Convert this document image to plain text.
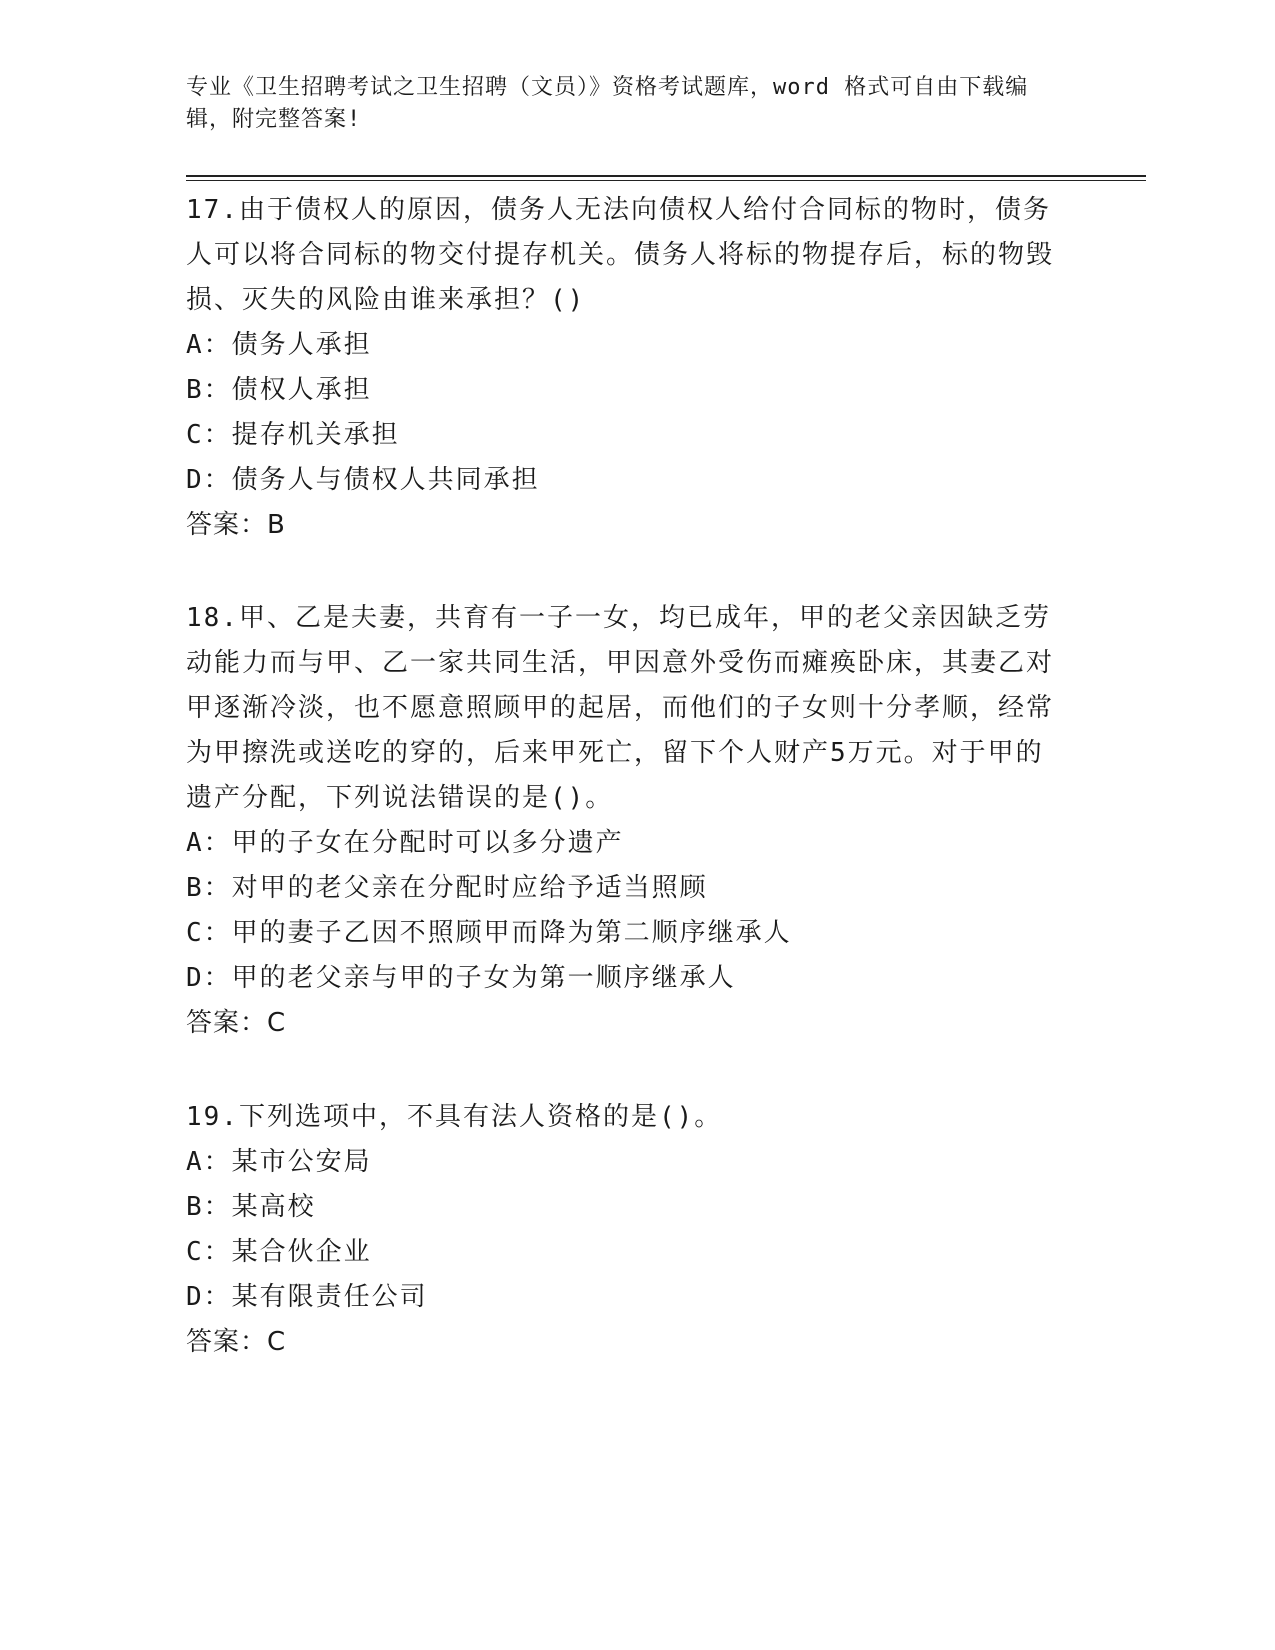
专业《卫生招聘考试之卫生招聘（文员）》资格考试题库，word 格式可自由下载编辑，附完整答案!

17.由于债权人的原因，债务人无法向债权人给付合同标的物时，债务人可以将合同标的物交付提存机关。债务人将标的物提存后，标的物毁损、灭失的风险由谁来承担？()

A：债务人承担

B：债权人承担

C：提存机关承担

D：债务人与债权人共同承担

答案：B

18.甲、乙是夫妻，共育有一子一女，均已成年，甲的老父亲因缺乏劳动能力而与甲、乙一家共同生活，甲因意外受伤而瘫痪卧床，其妻乙对甲逐渐冷淡，也不愿意照顾甲的起居，而他们的子女则十分孝顺，经常为甲擦洗或送吃的穿的，后来甲死亡，留下个人财产5万元。对于甲的遗产分配，下列说法错误的是()。

A：甲的子女在分配时可以多分遗产

B：对甲的老父亲在分配时应给予适当照顾

C：甲的妻子乙因不照顾甲而降为第二顺序继承人

D：甲的老父亲与甲的子女为第一顺序继承人

答案：C

19.下列选项中，不具有法人资格的是()。

A：某市公安局

B：某高校

C：某合伙企业

D：某有限责任公司

答案：C
